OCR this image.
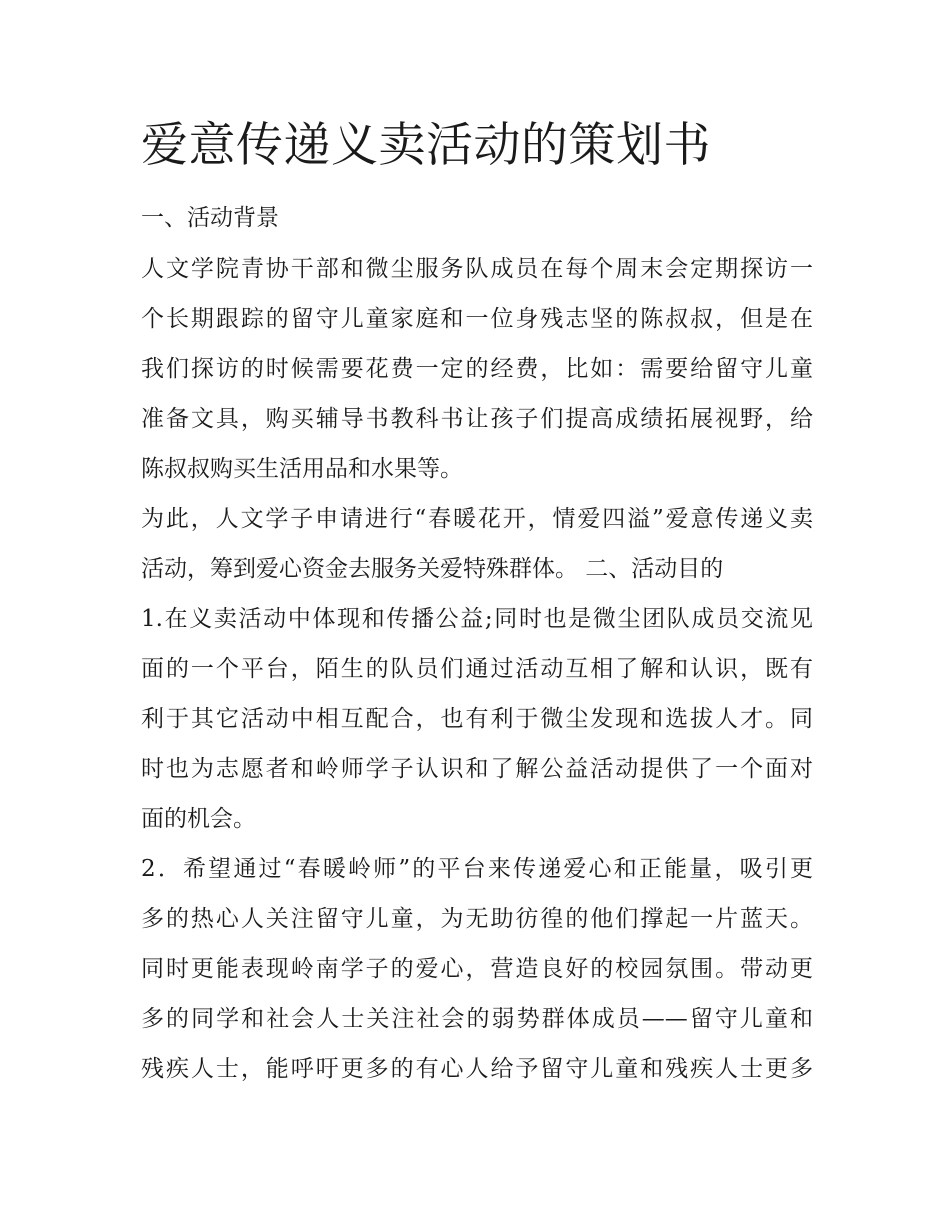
爱意传递义卖活动的策划书
一、活动背景

人文学院青协干部和微尘服务队成员在每个周末会定期探访一
个长期跟踪的留守儿童家庭和一位身残志坚的陈叔叔，但是在
我们探访的时候需要花费一定的经费，比如：需要给留守儿童
准备文具，购买辅导书教科书让孩子们提高成绩拓展视野，给
陈叔叔购买生活用品和水果等。

为此，人文学子申请进行“春暖花开，情爱四溢”爱意传递义卖
活动，筹到爱心资金去服务关爱特殊群体。 二、活动目的

1.在义卖活动中体现和传播公益;同时也是微尘团队成员交流见
面的一个平台，陌生的队员们通过活动互相了解和认识，既有
利于其它活动中相互配合，也有利于微尘发现和选拔人才。同
时也为志愿者和岭师学子认识和了解公益活动提供了一个面对
面的机会。

2．希望通过“春暖岭师”的平台来传递爱心和正能量，吸引更
多的热心人关注留守儿童，为无助彷徨的他们撑起一片蓝天。
同时更能表现岭南学子的爱心，营造良好的校园氛围。带动更
多的同学和社会人士关注社会的弱势群体成员——留守儿童和
残疾人士，能呼吁更多的有心人给予留守儿童和残疾人士更多
